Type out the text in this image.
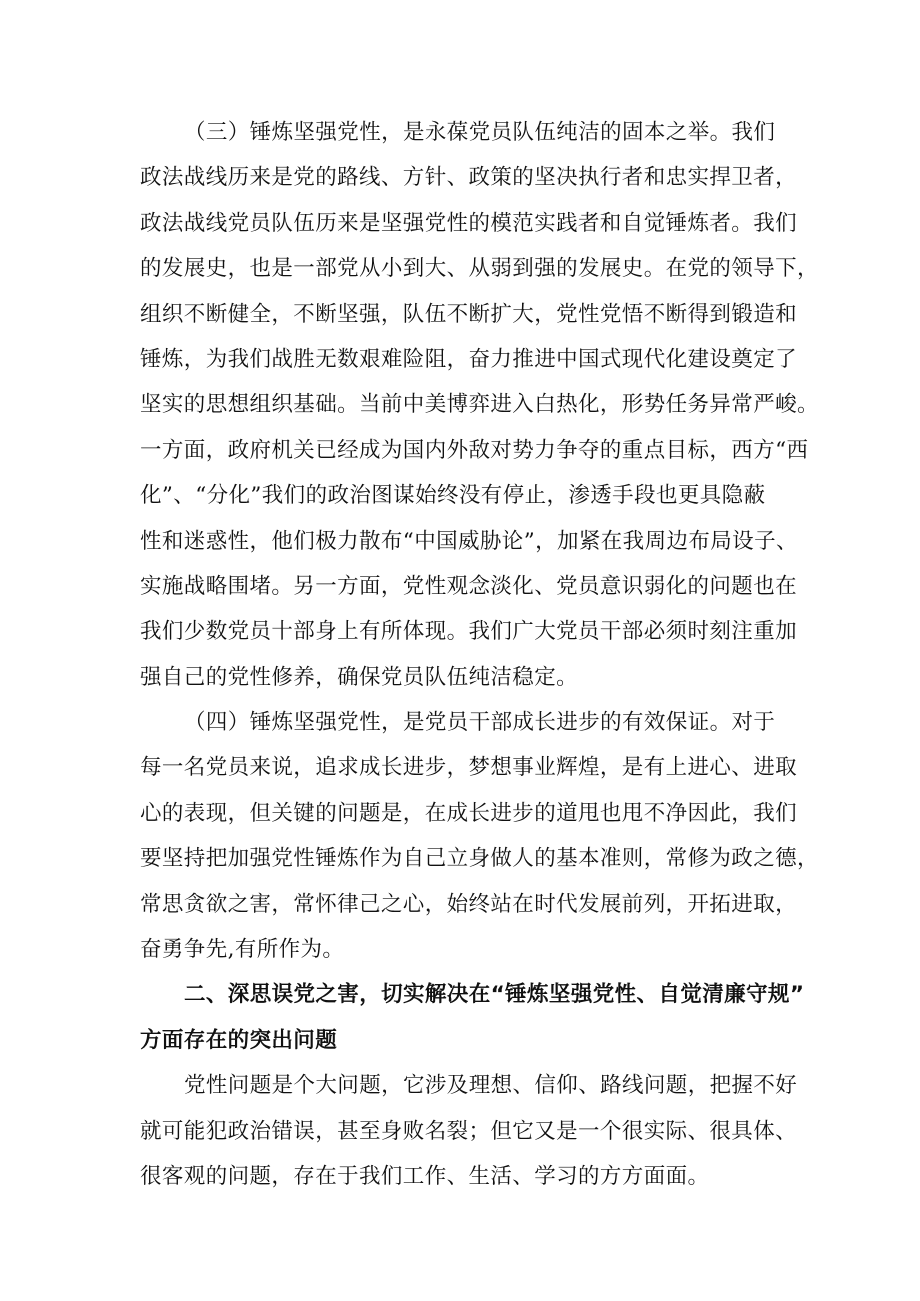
（三）锤炼坚强党性，是永葆党员队伍纯洁的固本之举。我们
政法战线历来是党的路线、方针、政策的坚决执行者和忠实捍卫者，
政法战线党员队伍历来是坚强党性的模范实践者和自觉锤炼者。我们
的发展史，也是一部党从小到大、从弱到强的发展史。在党的领导下，
组织不断健全，不断坚强，队伍不断扩大，党性党悟不断得到锻造和
锤炼，为我们战胜无数艰难险阻，奋力推进中国式现代化建设奠定了
坚实的思想组织基础。当前中美博弈进入白热化，形势任务异常严峻。
一方面，政府机关已经成为国内外敌对势力争夺的重点目标，西方“西
化”、“分化”我们的政治图谋始终没有停止，渗透手段也更具隐蔽
性和迷惑性，他们极力散布“中国威胁论”，加紧在我周边布局设子、
实施战略围堵。另一方面，党性观念淡化、党员意识弱化的问题也在
我们少数党员十部身上有所体现。我们广大党员干部必须时刻注重加
强自己的党性修养，确保党员队伍纯洁稳定。
（四）锤炼坚强党性，是党员干部成长进步的有效保证。对于
每一名党员来说，追求成长进步，梦想事业辉煌，是有上进心、进取
心的表现，但关键的问题是，在成长进步的道甩也甩不净因此，我们
要坚持把加强党性锤炼作为自己立身做人的基本准则，常修为政之德，
常思贪欲之害，常怀律己之心，始终站在时代发展前列，开拓进取，
奋勇争先,有所作为。
二、深思误党之害，切实解决在“锤炼坚强党性、自觉清廉守规”
方面存在的突出问题
党性问题是个大问题，它涉及理想、信仰、路线问题，把握不好
就可能犯政治错误，甚至身败名裂；但它又是一个很实际、很具体、
很客观的问题，存在于我们工作、生活、学习的方方面面。
